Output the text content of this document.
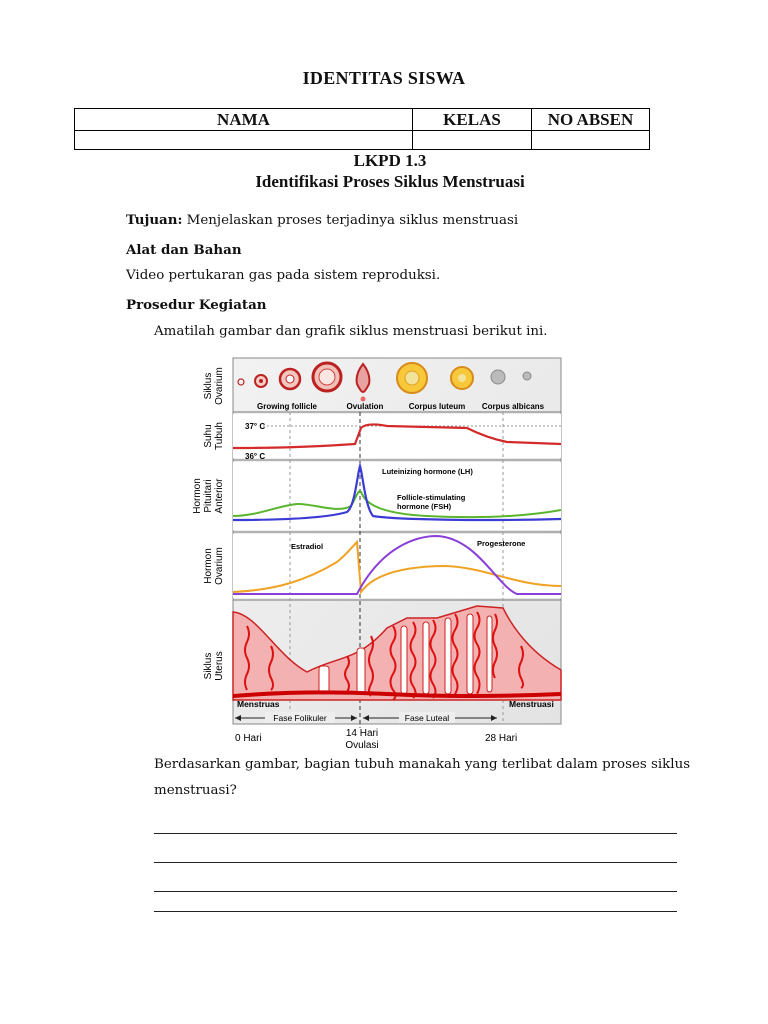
IDENTITAS SISWA
NAMA	KELAS	NO ABSEN

LKPD 1.3
Identifikasi Proses Siklus Menstruasi
Tujuan: Menjelaskan proses terjadinya siklus menstruasi
Alat dan Bahan
Video pertukaran gas pada sistem reproduksi.
Prosedur Kegiatan
Amatilah gambar dan grafik siklus menstruasi berikut ini.
Siklus Ovarium
Suhu Tubuh
Hormon Pituitari Anterior
Hormon Ovarium
Siklus Uterus
Growing follicle	Ovulation	Corpus luteum Corpus albicans
37° C
36° C
Luteinizing hormone (LH)
Follicle-stimulating
hormone (FSH)
Estradiol	Progesterone
Menstruas	Menstruasi
Fase Folikuler	Fase Luteal
0 Hari	14 Hari
Ovulasi
28 Hari
Berdasarkan gambar, bagian tubuh manakah yang terlibat dalam proses siklus
menstruasi?
